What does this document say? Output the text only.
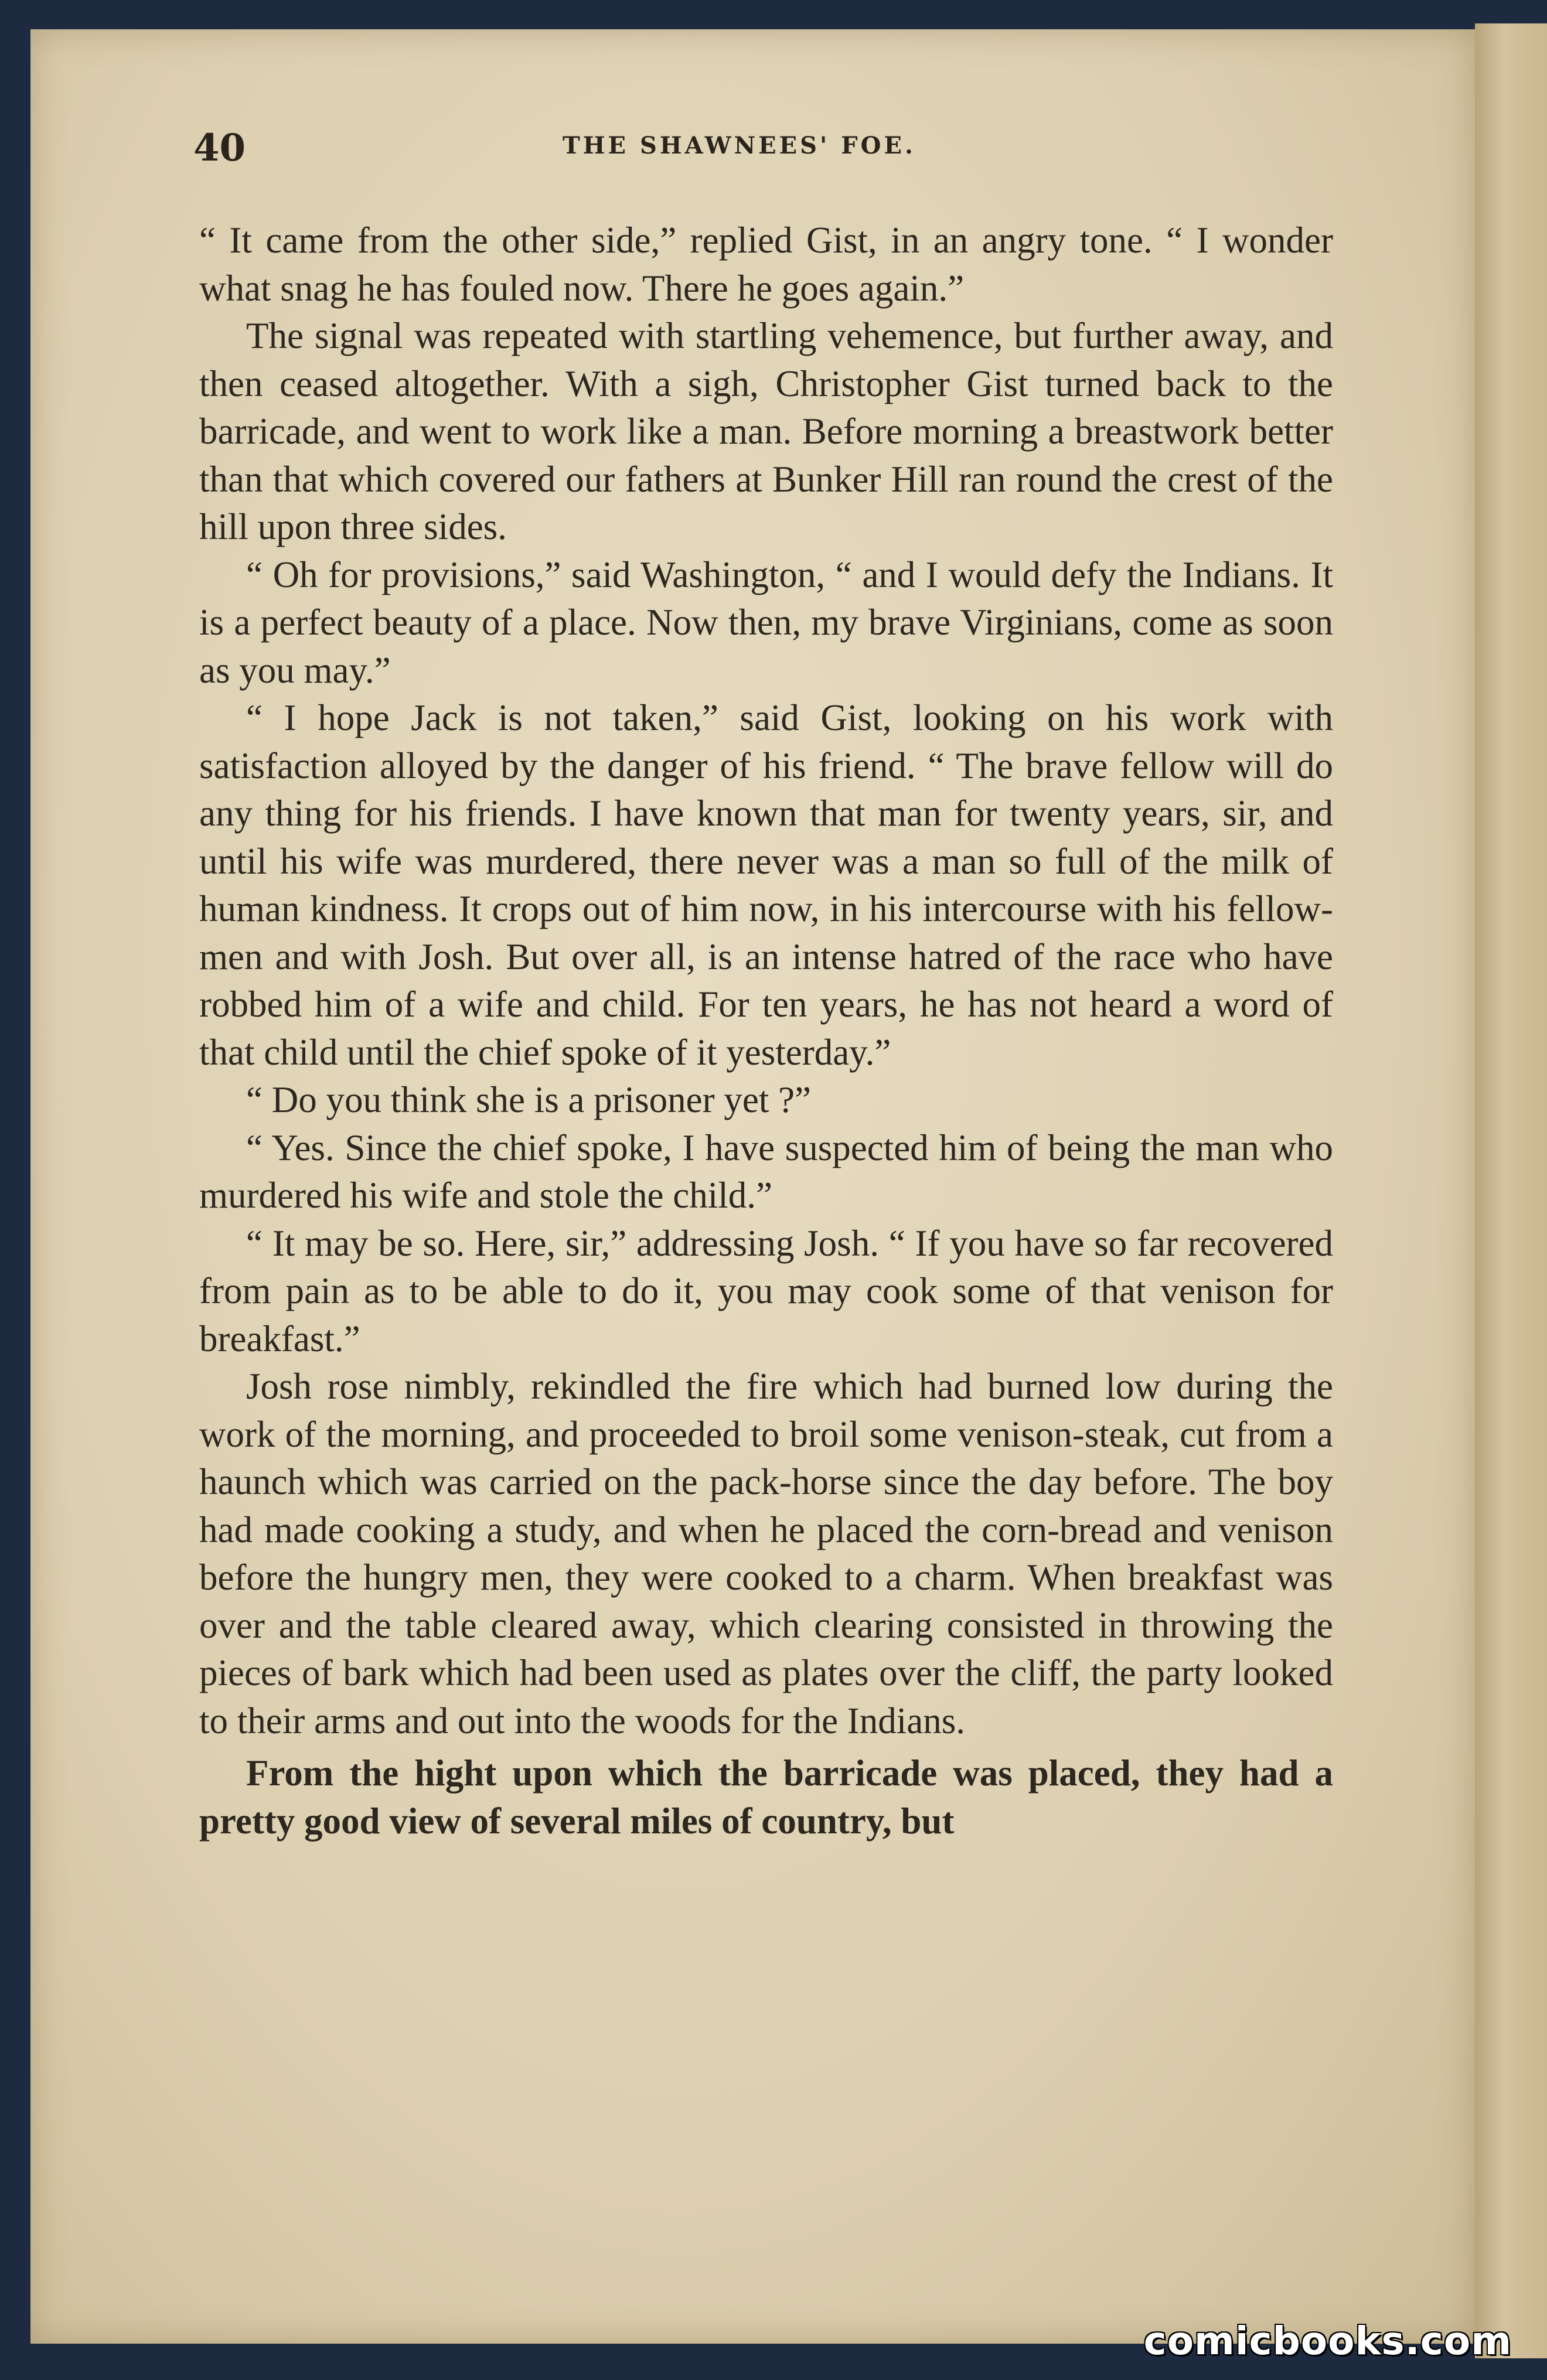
40	THE SHAWNEES' FOE.

“ It came from the other side,” replied Gist, in an angry tone. “ I wonder what snag he has fouled now. There he goes again.”

The signal was repeated with startling vehemence, but further away, and then ceased altogether. With a sigh, Christopher Gist turned back to the barricade, and went to work like a man. Before morning a breastwork better than that which covered our fathers at Bunker Hill ran round the crest of the hill upon three sides.

“ Oh for provisions,” said Washington, “ and I would defy the Indians. It is a perfect beauty of a place. Now then, my brave Virginians, come as soon as you may.”

“ I hope Jack is not taken,” said Gist, looking on his work with satisfaction alloyed by the danger of his friend. “ The brave fellow will do any thing for his friends. I have known that man for twenty years, sir, and until his wife was murdered, there never was a man so full of the milk of human kindness. It crops out of him now, in his intercourse with his fellow-men and with Josh. But over all, is an intense hatred of the race who have robbed him of a wife and child. For ten years, he has not heard a word of that child until the chief spoke of it yesterday.”

“ Do you think she is a prisoner yet ?”

“ Yes. Since the chief spoke, I have suspected him of being the man who murdered his wife and stole the child.”

“ It may be so. Here, sir,” addressing Josh. “ If you have so far recovered from pain as to be able to do it, you may cook some of that venison for breakfast.”

Josh rose nimbly, rekindled the fire which had burned low during the work of the morning, and proceeded to broil some venison-steak, cut from a haunch which was carried on the pack-horse since the day before. The boy had made cooking a study, and when he placed the corn-bread and venison before the hungry men, they were cooked to a charm. When breakfast was over and the table cleared away, which clearing consisted in throwing the pieces of bark which had been used as plates over the cliff, the party looked to their arms and out into the woods for the Indians.

From the hight upon which the barricade was placed, they had a pretty good view of several miles of country, but

comicbooks.com
